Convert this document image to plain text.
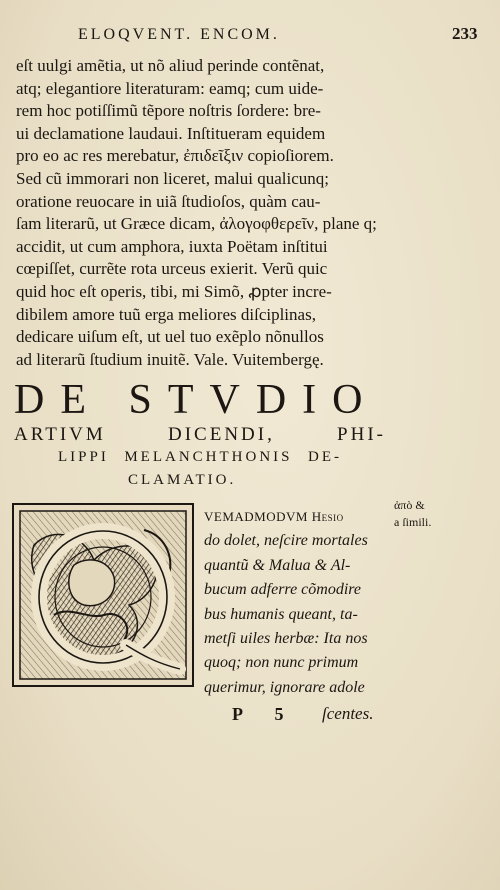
ELOQVENT. ENCOM.	233
eſt uulgi amẽtia, ut nõ aliud perinde contẽnat,
atq; elegantiore literaturam: eamq; cum uide-
rem hoc potiſſimũ tẽpore noſtris ſordere: bre-
ui declamatione laudaui. Inſtitueram equidem
pro eo ac res merebatur, ἐπιδεῖξιν copioſiorem.
Sed cũ immorari non liceret, malui qualicunq;
oratione reuocare in uiã ſtudioſos, quàm cau-
ſam literarũ, ut Græce dicam, ἀλογοφθερεῖν, plane q;
accidit, ut cum amphora, iuxta Poëtam inſtitui
cœpiſſet, currẽte rota urceus exierit. Verũ quic
quid hoc eſt operis, tibi, mi Simõ, ꝓpter incre-
dibilem amore tuũ erga meliores diſciplinas,
dedicare uiſum eſt, ut uel tuo exẽplo nõnullos
ad literarũ ſtudium inuitẽ. Vale. Vuitembergę.
DE STVDIO
ARTIVM DICENDI, PHI-
LIPPI MELANCHTHONIS DE-
CLAMATIO.
VEMADMODVM Heſio
do dolet, neſcire mortales
quantũ & Malua & Al-
bucum adferre cõmodire
bus humanis queant, ta-
metſi uiles herbæ: Ita nos
quoq; non nunc primum
querimur, ignorare adole
ἀπὸ &
a ſimili.
P 5 ſcentes.
